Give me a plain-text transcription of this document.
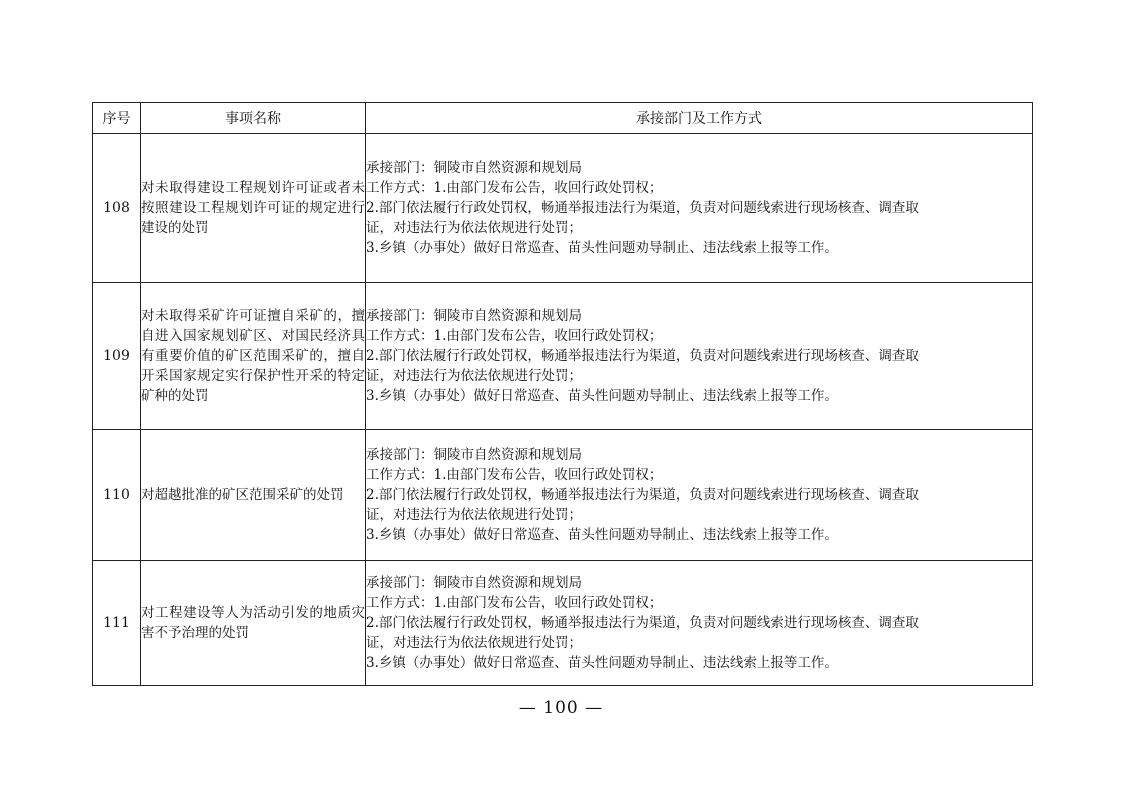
序号	事项名称	承接部门及工作方式
108	对未取得建设工程规划许可证或者未按照建设工程规划许可证的规定进行建设的处罚	承接部门：铜陵市自然资源和规划局
工作方式：1.由部门发布公告，收回行政处罚权；
2.部门依法履行行政处罚权，畅通举报违法行为渠道，负责对问题线索进行现场核查、调查取
证，对违法行为依法依规进行处罚；
3.乡镇（办事处）做好日常巡查、苗头性问题劝导制止、违法线索上报等工作。

109	对未取得采矿许可证擅自采矿的，擅自进入国家规划矿区、对国民经济具有重要价值的矿区范围采矿的，擅自开采国家规定实行保护性开采的特定矿种的处罚	承接部门：铜陵市自然资源和规划局
工作方式：1.由部门发布公告，收回行政处罚权；
2.部门依法履行行政处罚权，畅通举报违法行为渠道，负责对问题线索进行现场核查、调查取
证，对违法行为依法依规进行处罚；
3.乡镇（办事处）做好日常巡查、苗头性问题劝导制止、违法线索上报等工作。

110	对超越批准的矿区范围采矿的处罚	承接部门：铜陵市自然资源和规划局
工作方式：1.由部门发布公告，收回行政处罚权；
2.部门依法履行行政处罚权，畅通举报违法行为渠道，负责对问题线索进行现场核查、调查取
证，对违法行为依法依规进行处罚；
3.乡镇（办事处）做好日常巡查、苗头性问题劝导制止、违法线索上报等工作。

111	对工程建设等人为活动引发的地质灾害不予治理的处罚	承接部门：铜陵市自然资源和规划局
工作方式：1.由部门发布公告，收回行政处罚权；
2.部门依法履行行政处罚权，畅通举报违法行为渠道，负责对问题线索进行现场核查、调查取
证，对违法行为依法依规进行处罚；
3.乡镇（办事处）做好日常巡查、苗头性问题劝导制止、违法线索上报等工作。
— 100 —
